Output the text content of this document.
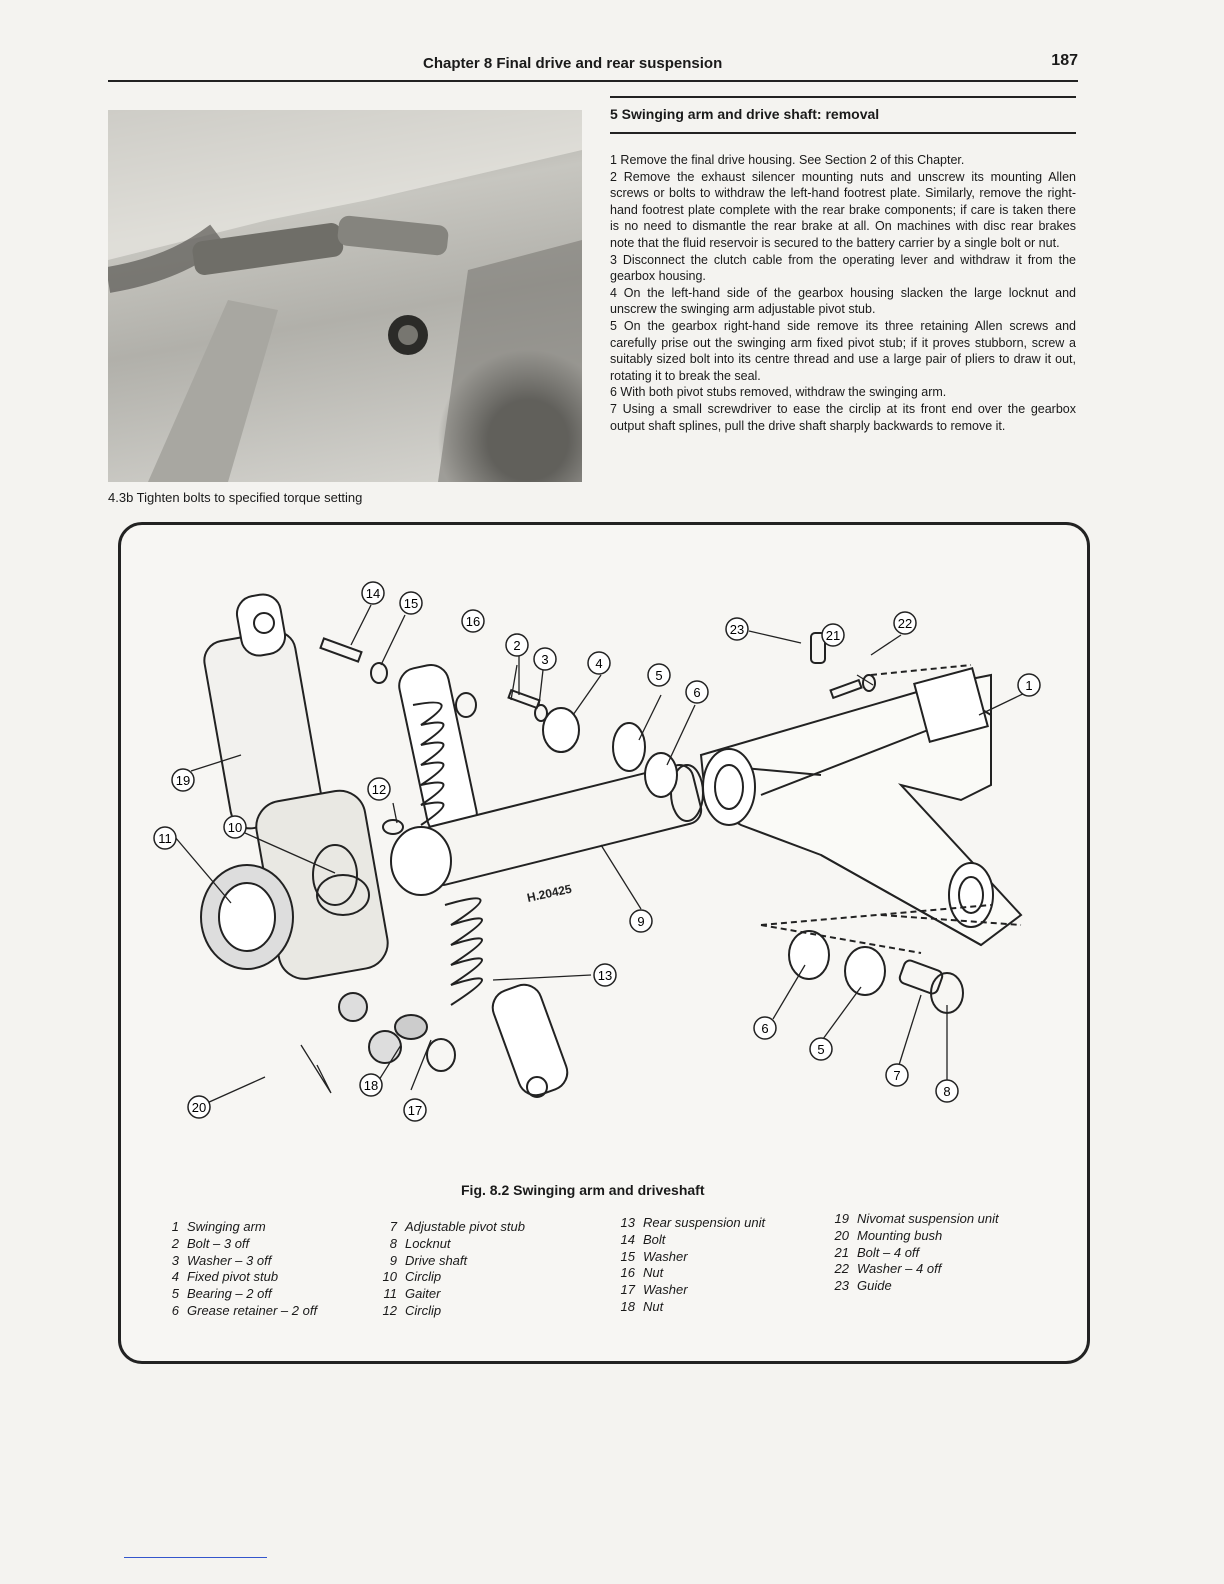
Chapter 8 Final drive and rear suspension	187
4.3b Tighten bolts to specified torque setting
5 Swinging arm and drive shaft: removal

1 Remove the final drive housing. See Section 2 of this Chapter.

2 Remove the exhaust silencer mounting nuts and unscrew its mounting Allen screws or bolts to withdraw the left-hand footrest plate. Similarly, remove the right-hand footrest plate complete with the rear brake components; if care is taken there is no need to dismantle the rear brake at all. On machines with disc rear brakes note that the fluid reservoir is secured to the battery carrier by a single bolt or nut.

3 Disconnect the clutch cable from the operating lever and withdraw it from the gearbox housing.

4 On the left-hand side of the gearbox housing slacken the large locknut and unscrew the swinging arm adjustable pivot stub.

5 On the gearbox right-hand side remove its three retaining Allen screws and carefully prise out the swinging arm fixed pivot stub; if it proves stubborn, screw a suitably sized bolt into its centre thread and use a large pair of pliers to draw it out, rotating it to break the seal.

6 With both pivot stubs removed, withdraw the swinging arm.

7 Using a small screwdriver to ease the circlip at its front end over the gearbox output shaft splines, pull the drive shaft sharply backwards to remove it.

H.20425
1
2
3	4
5
5
6
6
7
8
9
10
11
12
13
14
15
16
17
18
19
20
21
22
23
Fig. 8.2 Swinging arm and driveshaft
1 Swinging arm
2 Bolt – 3 off
3 Washer – 3 off
4 Fixed pivot stub
5 Bearing – 2 off
6 Grease retainer – 2 off
7 Adjustable pivot stub
8 Locknut
9 Drive shaft
10 Circlip
11 Gaiter
12 Circlip
13 Rear suspension unit
14 Bolt
15 Washer
16 Nut
17 Washer
18 Nut
19 Nivomat suspension unit
20 Mounting bush
21 Bolt – 4 off
22 Washer – 4 off
23 Guide
